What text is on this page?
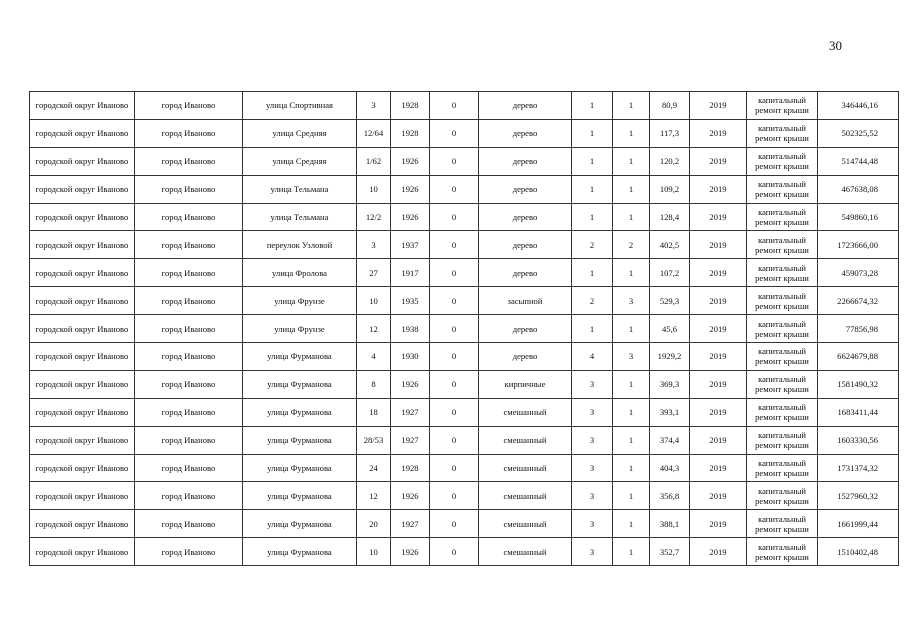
30
городской округ Иваново	город Иваново	улица Спортивная	3	1928	0	дерево	1	1	80,9	2019	капитальный ремонт крыши	346446,16
городской округ Иваново	город Иваново	улица Средняя	12/64	1928	0	дерево	1	1	117,3	2019	капитальный ремонт крыши	502325,52
городской округ Иваново	город Иваново	улица Средняя	1/62	1926	0	дерево	1	1	120,2	2019	капитальный ремонт крыши	514744,48
городской округ Иваново	город Иваново	улица Тельмана	10	1926	0	дерево	1	1	109,2	2019	капитальный ремонт крыши	467638,08
городской округ Иваново	город Иваново	улица Тельмана	12/2	1926	0	дерево	1	1	128,4	2019	капитальный ремонт крыши	549860,16
городской округ Иваново	город Иваново	переулок Узловой	3	1937	0	дерево	2	2	402,5	2019	капитальный ремонт крыши	1723666,00
городской округ Иваново	город Иваново	улица Фролова	27	1917	0	дерево	1	1	107,2	2019	капитальный ремонт крыши	459073,28
городской округ Иваново	город Иваново	улица Фрунзе	10	1935	0	засыпной	2	3	529,3	2019	капитальный ремонт крыши	2266674,32
городской округ Иваново	город Иваново	улица Фрунзе	12	1938	0	дерево	1	1	45,6	2019	капитальный ремонт крыши	77856,98
городской округ Иваново	город Иваново	улица Фурманова	4	1930	0	дерево	4	3	1929,2	2019	капитальный ремонт крыши	6624679,88
городской округ Иваново	город Иваново	улица Фурманова	8	1926	0	кирпичные	3	1	369,3	2019	капитальный ремонт крыши	1581490,32
городской округ Иваново	город Иваново	улица Фурманова	18	1927	0	смешанный	3	1	393,1	2019	капитальный ремонт крыши	1683411,44
городской округ Иваново	город Иваново	улица Фурманова	28/53	1927	0	смешанный	3	1	374,4	2019	капитальный ремонт крыши	1603330,56
городской округ Иваново	город Иваново	улица Фурманова	24	1928	0	смешанный	3	1	404,3	2019	капитальный ремонт крыши	1731374,32
городской округ Иваново	город Иваново	улица Фурманова	12	1926	0	смешанный	3	1	356,8	2019	капитальный ремонт крыши	1527960,32
городской округ Иваново	город Иваново	улица Фурманова	20	1927	0	смешанный	3	1	388,1	2019	капитальный ремонт крыши	1661999,44
городской округ Иваново	город Иваново	улица Фурманова	10	1926	0	смешанный	3	1	352,7	2019	капитальный ремонт крыши	1510402,48
